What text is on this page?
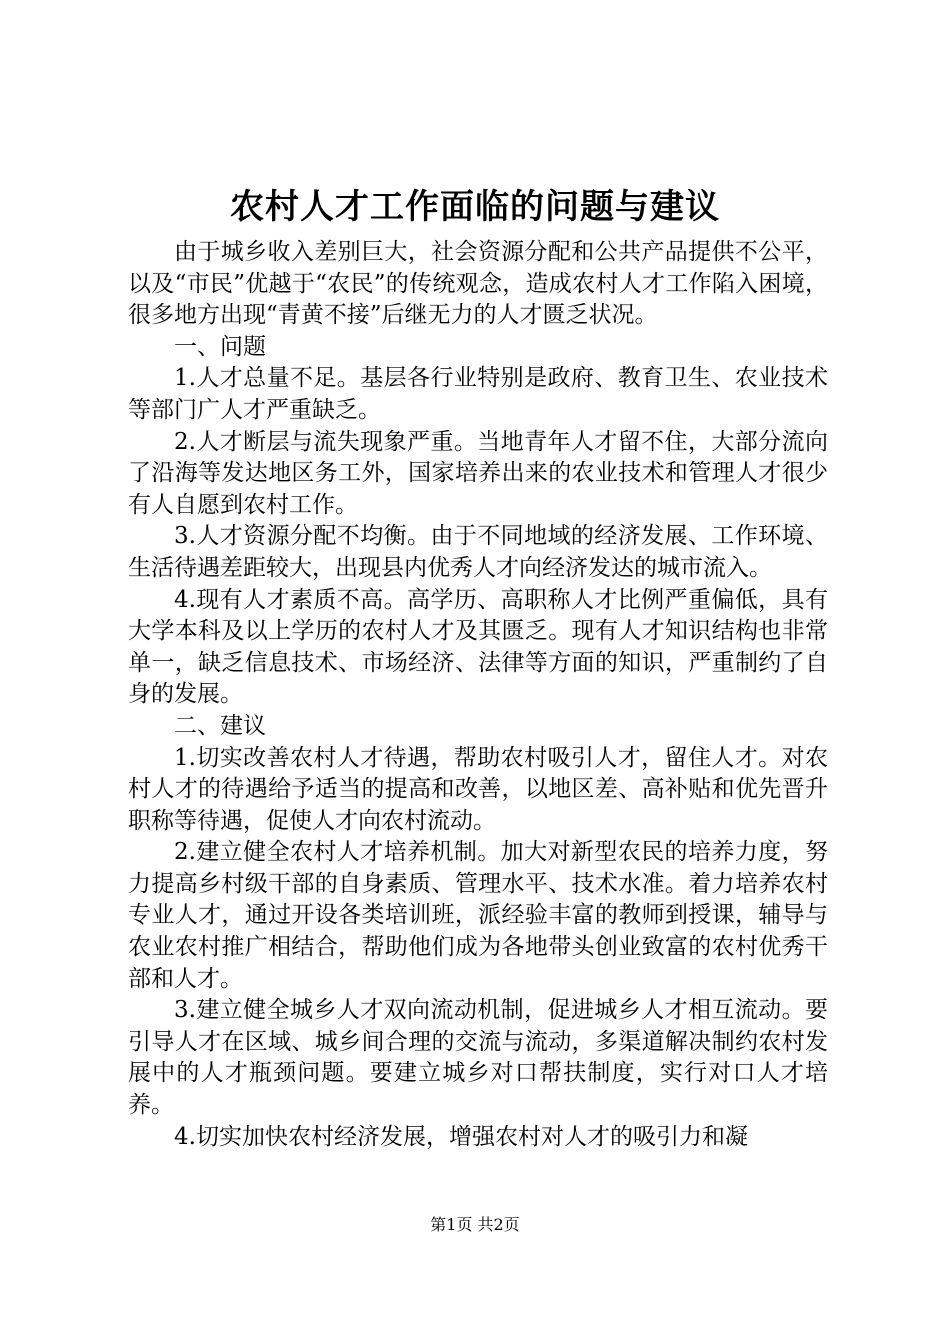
农村人才工作面临的问题与建议

由于城乡收入差别巨大，社会资源分配和公共产品提供不公平，以及“市民”优越于“农民”的传统观念，造成农村人才工作陷入困境，很多地方出现“青黄不接”后继无力的人才匮乏状况。

一、问题

1.人才总量不足。基层各行业特别是政府、教育卫生、农业技术等部门广人才严重缺乏。

2.人才断层与流失现象严重。当地青年人才留不住，大部分流向了沿海等发达地区务工外，国家培养出来的农业技术和管理人才很少有人自愿到农村工作。

3.人才资源分配不均衡。由于不同地域的经济发展、工作环境、生活待遇差距较大，出现县内优秀人才向经济发达的城市流入。

4.现有人才素质不高。高学历、高职称人才比例严重偏低，具有大学本科及以上学历的农村人才及其匮乏。现有人才知识结构也非常单一，缺乏信息技术、市场经济、法律等方面的知识，严重制约了自身的发展。

二、建议

1.切实改善农村人才待遇，帮助农村吸引人才，留住人才。对农村人才的待遇给予适当的提高和改善，以地区差、高补贴和优先晋升职称等待遇，促使人才向农村流动。

2.建立健全农村人才培养机制。加大对新型农民的培养力度，努力提高乡村级干部的自身素质、管理水平、技术水准。着力培养农村专业人才，通过开设各类培训班，派经验丰富的教师到授课，辅导与农业农村推广相结合，帮助他们成为各地带头创业致富的农村优秀干部和人才。

3.建立健全城乡人才双向流动机制，促进城乡人才相互流动。要引导人才在区域、城乡间合理的交流与流动，多渠道解决制约农村发展中的人才瓶颈问题。要建立城乡对口帮扶制度，实行对口人才培养。

4.切实加快农村经济发展，增强农村对人才的吸引力和凝

第1页 共2页
